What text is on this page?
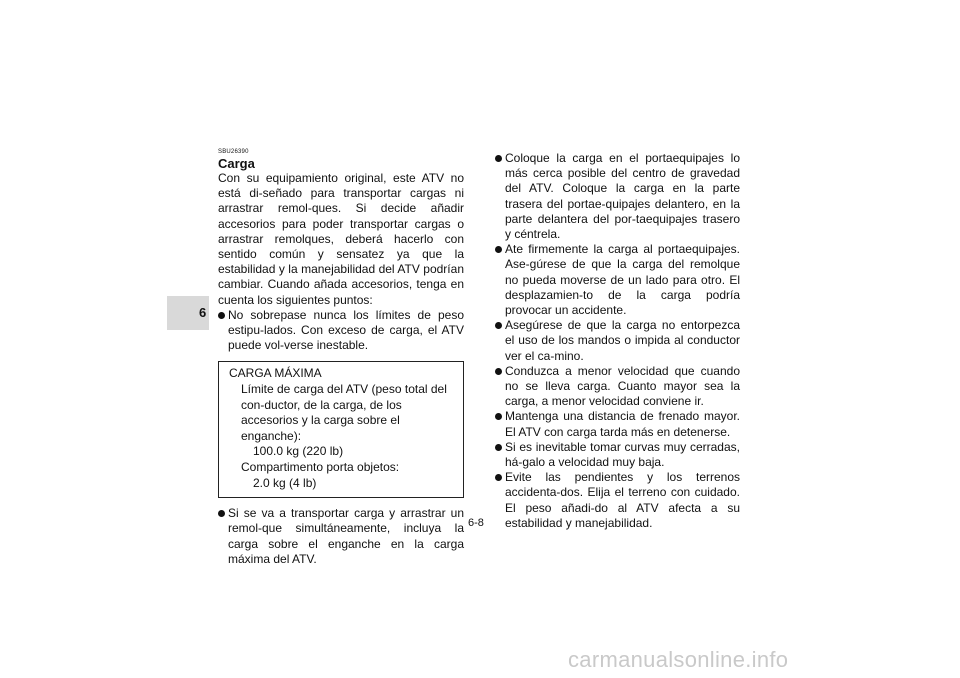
6
SBU26390
Carga

Con su equipamiento original, este ATV no está di-señado para transportar cargas ni arrastrar remol-ques. Si decide añadir accesorios para poder transportar cargas o arrastrar remolques, deberá hacerlo con sentido común y sensatez ya que la estabilidad y la manejabilidad del ATV podrían cambiar. Cuando añada accesorios, tenga en cuenta los siguientes puntos:

No sobrepase nunca los límites de peso estipu-lados. Con exceso de carga, el ATV puede vol-verse inestable.
CARGA MÁXIMA
Límite de carga del ATV (peso total del con-ductor, de la carga, de los accesorios y la carga sobre el enganche):
100.0 kg (220 lb)
Compartimento porta objetos:
2.0 kg (4 lb)
Si se va a transportar carga y arrastrar un remol-que simultáneamente, incluya la carga sobre el enganche en la carga máxima del ATV.
Coloque la carga en el portaequipajes lo más cerca posible del centro de gravedad del ATV. Coloque la carga en la parte trasera del portae-quipajes delantero, en la parte delantera del por-taequipajes trasero y céntrela.
Ate firmemente la carga al portaequipajes. Ase-gúrese de que la carga del remolque no pueda moverse de un lado para otro. El desplazamien-to de la carga podría provocar un accidente.
Asegúrese de que la carga no entorpezca el uso de los mandos o impida al conductor ver el ca-mino.
Conduzca a menor velocidad que cuando no se lleva carga. Cuanto mayor sea la carga, a menor velocidad conviene ir.
Mantenga una distancia de frenado mayor. El ATV con carga tarda más en detenerse.
Si es inevitable tomar curvas muy cerradas, há-galo a velocidad muy baja.
Evite las pendientes y los terrenos accidenta-dos. Elija el terreno con cuidado. El peso añadi-do al ATV afecta a su estabilidad y manejabilidad.
6-8
carmanualsonline.info
